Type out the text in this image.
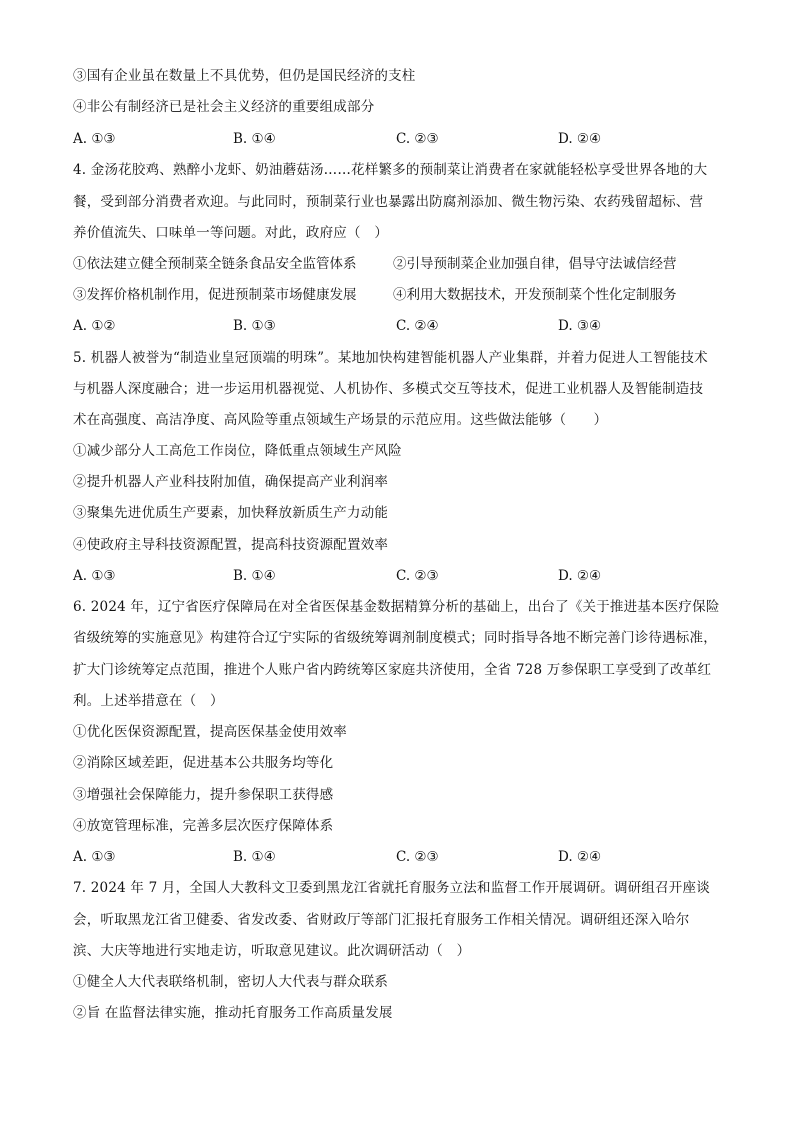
③国有企业虽在数量上不具优势，但仍是国民经济的支柱
④非公有制经济已是社会主义经济的重要组成部分
A. ①③	B. ①④	C. ②③	D. ②④
4. 金汤花胶鸡、熟醉小龙虾、奶油蘑菇汤……花样繁多的预制菜让消费者在家就能轻松享受世界各地的大
餐，受到部分消费者欢迎。与此同时，预制菜行业也暴露出防腐剂添加、微生物污染、农药残留超标、营
养价值流失、口味单一等问题。对此，政府应（　）
①依法建立健全预制菜全链条食品安全监管体系	②引导预制菜企业加强自律，倡导守法诚信经营
③发挥价格机制作用，促进预制菜市场健康发展	④利用大数据技术，开发预制菜个性化定制服务
A. ①②	B. ①③	C. ②④	D. ③④
5. 机器人被誉为“制造业皇冠顶端的明珠”。某地加快构建智能机器人产业集群，并着力促进人工智能技术
与机器人深度融合；进一步运用机器视觉、人机协作、多模式交互等技术，促进工业机器人及智能制造技
术在高强度、高洁净度、高风险等重点领域生产场景的示范应用。这些做法能够（　　）
①减少部分人工高危工作岗位，降低重点领域生产风险
②提升机器人产业科技附加值，确保提高产业利润率
③聚集先进优质生产要素，加快释放新质生产力动能
④使政府主导科技资源配置，提高科技资源配置效率
A. ①③	B. ①④	C. ②③	D. ②④
6. 2024 年，辽宁省医疗保障局在对全省医保基金数据精算分析的基础上，出台了《关于推进基本医疗保险
省级统筹的实施意见》构建符合辽宁实际的省级统筹调剂制度模式；同时指导各地不断完善门诊待遇标准，
扩大门诊统筹定点范围，推进个人账户省内跨统筹区家庭共济使用，全省 728 万参保职工享受到了改革红
利。上述举措意在（　）
①优化医保资源配置，提高医保基金使用效率
②消除区域差距，促进基本公共服务均等化
③增强社会保障能力，提升参保职工获得感
④放宽管理标准，完善多层次医疗保障体系
A. ①③	B. ①④	C. ②③	D. ②④
7. 2024 年 7 月，全国人大教科文卫委到黑龙江省就托育服务立法和监督工作开展调研。调研组召开座谈
会，听取黑龙江省卫健委、省发改委、省财政厅等部门汇报托育服务工作相关情况。调研组还深入哈尔
滨、大庆等地进行实地走访，听取意见建议。此次调研活动（　）
①健全人大代表联络机制，密切人大代表与群众联系
②旨 在监督法律实施，推动托育服务工作高质量发展
